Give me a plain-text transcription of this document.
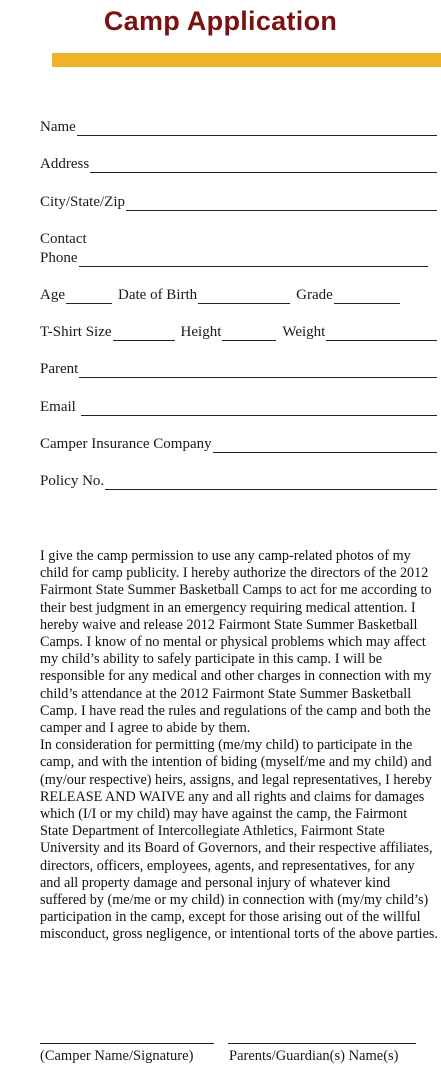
Camp Application
Name
Address
City/State/Zip
Contact
Phone
Age	Date of Birth	Grade
T-Shirt Size	Height	Weight
Parent
Email
Camper Insurance Company
Policy No.

I give the camp permission to use any camp-related photos of my child for camp publicity. I hereby authorize the directors of the 2012 Fairmont State Summer Basketball Camps to act for me according to their best judgment in an emergency requiring medical attention. I hereby waive and release 2012 Fairmont State Summer Basketball Camps. I know of no mental or physical problems which may affect my child’s ability to safely participate in this camp. I will be responsible for any medical and other charges in connection with my child’s attendance at the 2012 Fairmont State Summer Basketball Camp. I have read the rules and regulations of the camp and both the camper and I agree to abide by them.

In consideration for permitting (me/my child) to participate in the camp, and with the intention of biding (myself/me and my child) and (my/our respective) heirs, assigns, and legal representatives, I hereby RELEASE AND WAIVE any and all rights and claims for damages which (I/I or my child) may have against the camp, the Fairmont State Department of Intercollegiate Athletics, Fairmont State University and its Board of Governors, and their respective affiliates, directors, officers, employees, agents, and representatives, for any and all property damage and personal injury of whatever kind suffered by (me/me or my child) in connection with (my/my child’s) participation in the camp, except for those arising out of the willful misconduct, gross negligence, or intentional torts of the above parties.

(Camper Name/Signature) Parents/Guardian(s) Name(s)
